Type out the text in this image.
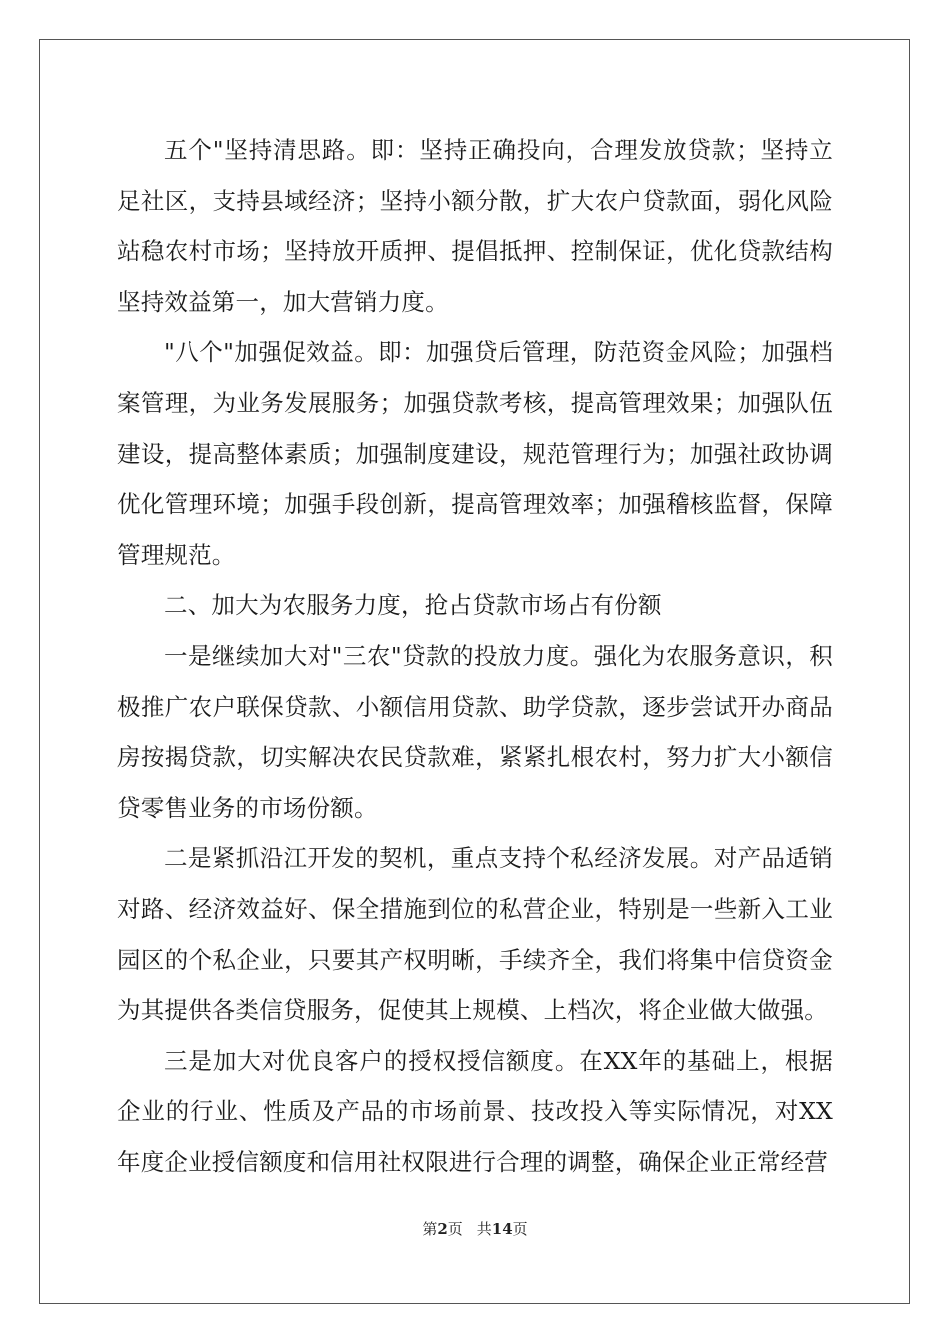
五个"坚持清思路。即：坚持正确投向，合理发放贷款；坚持立足社区，支持县域经济；坚持小额分散，扩大农户贷款面，弱化风险站稳农村市场；坚持放开质押、提倡抵押、控制保证，优化贷款结构坚持效益第一，加大营销力度。

"八个"加强促效益。即：加强贷后管理，防范资金风险；加强档案管理，为业务发展服务；加强贷款考核，提高管理效果；加强队伍建设，提高整体素质；加强制度建设，规范管理行为；加强社政协调优化管理环境；加强手段创新，提高管理效率；加强稽核监督，保障管理规范。

二、加大为农服务力度，抢占贷款市场占有份额

一是继续加大对"三农"贷款的投放力度。强化为农服务意识，积极推广农户联保贷款、小额信用贷款、助学贷款，逐步尝试开办商品房按揭贷款，切实解决农民贷款难，紧紧扎根农村，努力扩大小额信贷零售业务的市场份额。

二是紧抓沿江开发的契机，重点支持个私经济发展。对产品适销对路、经济效益好、保全措施到位的私营企业，特别是一些新入工业园区的个私企业，只要其产权明晰，手续齐全，我们将集中信贷资金为其提供各类信贷服务，促使其上规模、上档次，将企业做大做强。

三是加大对优良客户的授权授信额度。在XX年的基础上，根据企业的行业、性质及产品的市场前景、技改投入等实际情况，对XX年度企业授信额度和信用社权限进行合理的调整，确保企业正常经营

第2页 共14页
